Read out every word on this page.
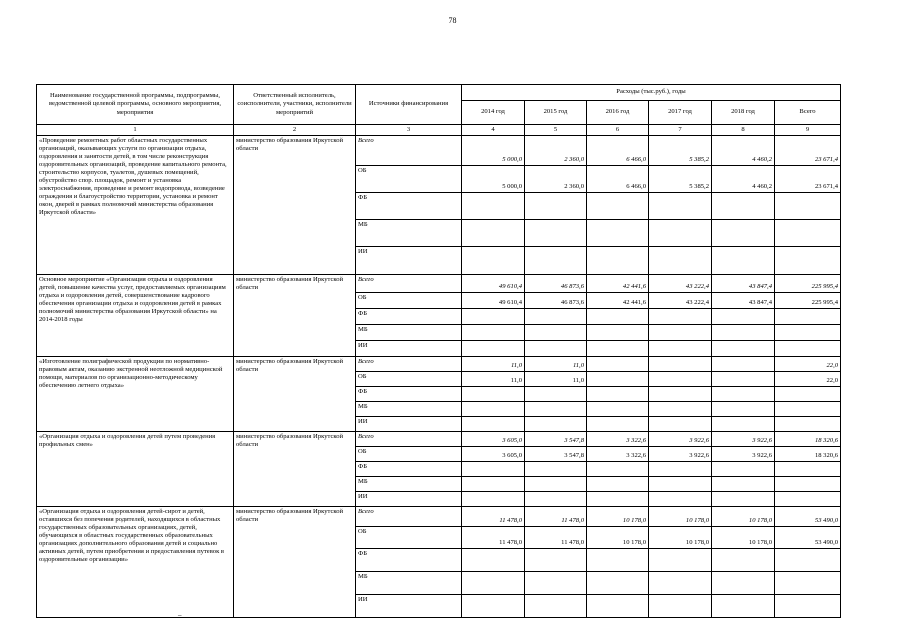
78
Наименование государственной программы, подпрограммы, ведомственной целевой программы, основного мероприятия, мероприятия	Ответственный исполнитель, соисполнители, участники, исполнители мероприятий	Источники финансирования	Расходы (тыс.руб.), годы					
			2014 год	2015 год	2016 год	2017 год	2018 год	Всего
1	2	3	4	5	6	7	8	9
«Проведение ремонтных работ областных государственных организаций, оказывающих услуги по организации отдыха, оздоровления и занятости детей, в том числе реконструкция оздоровительных организаций, проведение капитального ремонта, строительство корпусов, туалетов, душевых помещений, обустройство спор. площадок, ремонт и установка электроснабжения, проведение и ремонт водопровода, возведение ограждения и благоустройство территории, установка и ремонт окон, дверей в рамках полномочий министерства образования Иркутской области»	министерство образования Иркутской области	Всего	5 000,0	2 360,0	6 466,0	5 385,2	4 460,2	23 671,4
		ОБ	5 000,0	2 360,0	6 466,0	5 385,2	4 460,2	23 671,4
		ФБ						
		МБ						
		ИИ						
Основное мероприятие «Организация отдыха и оздоровления детей, повышение качества услуг, предоставляемых организациям отдыха и оздоровления детей, совершенствование кадрового обеспечения организации отдыха и оздоровления детей в рамках полномочий министерства образования Иркутской области» на 2014-2018 годы	министерство образования Иркутской области	Всего	49 610,4	46 873,6	42 441,6	43 222,4	43 847,4	225 995,4
		ОБ	49 610,4	46 873,6	42 441,6	43 222,4	43 847,4	225 995,4
		ФБ						
		МБ						
		ИИ						
«Изготовление полиграфической продукции по нормативно-правовым актам, оказанию экстренной неотложной медицинской помощи, материалов по организационно-методическому обеспечению летнего отдыха»	министерство образования Иркутской области	Всего	11,0	11,0				22,0
		ОБ	11,0	11,0				22,0
		ФБ						
		МБ						
		ИИ						
«Организация отдыха и оздоровления детей путем проведения профильных смен»	министерство образования Иркутской области	Всего	3 605,0	3 547,8	3 322,6	3 922,6	3 922,6	18 320,6
		ОБ	3 605,0	3 547,8	3 322,6	3 922,6	3 922,6	18 320,6
		ФБ						
		МБ						
		ИИ						
«Организация отдыха и оздоровления детей-сирот и детей, оставшихся без попечения родителей, находящихся в областных государственных образовательных организациях, детей, обучающихся в областных государственных образовательных организациях дополнительного образования детей и социально активных детей, путем приобретения и предоставления путевок в оздоровительные организации»	министерство образования Иркутской области	Всего	11 478,0	11 478,0	10 178,0	10 178,0	10 178,0	53 490,0
		ОБ	11 478,0	11 478,0	10 178,0	10 178,0	10 178,0	53 490,0
		ФБ						
		МБ						
		ИИ						
_
